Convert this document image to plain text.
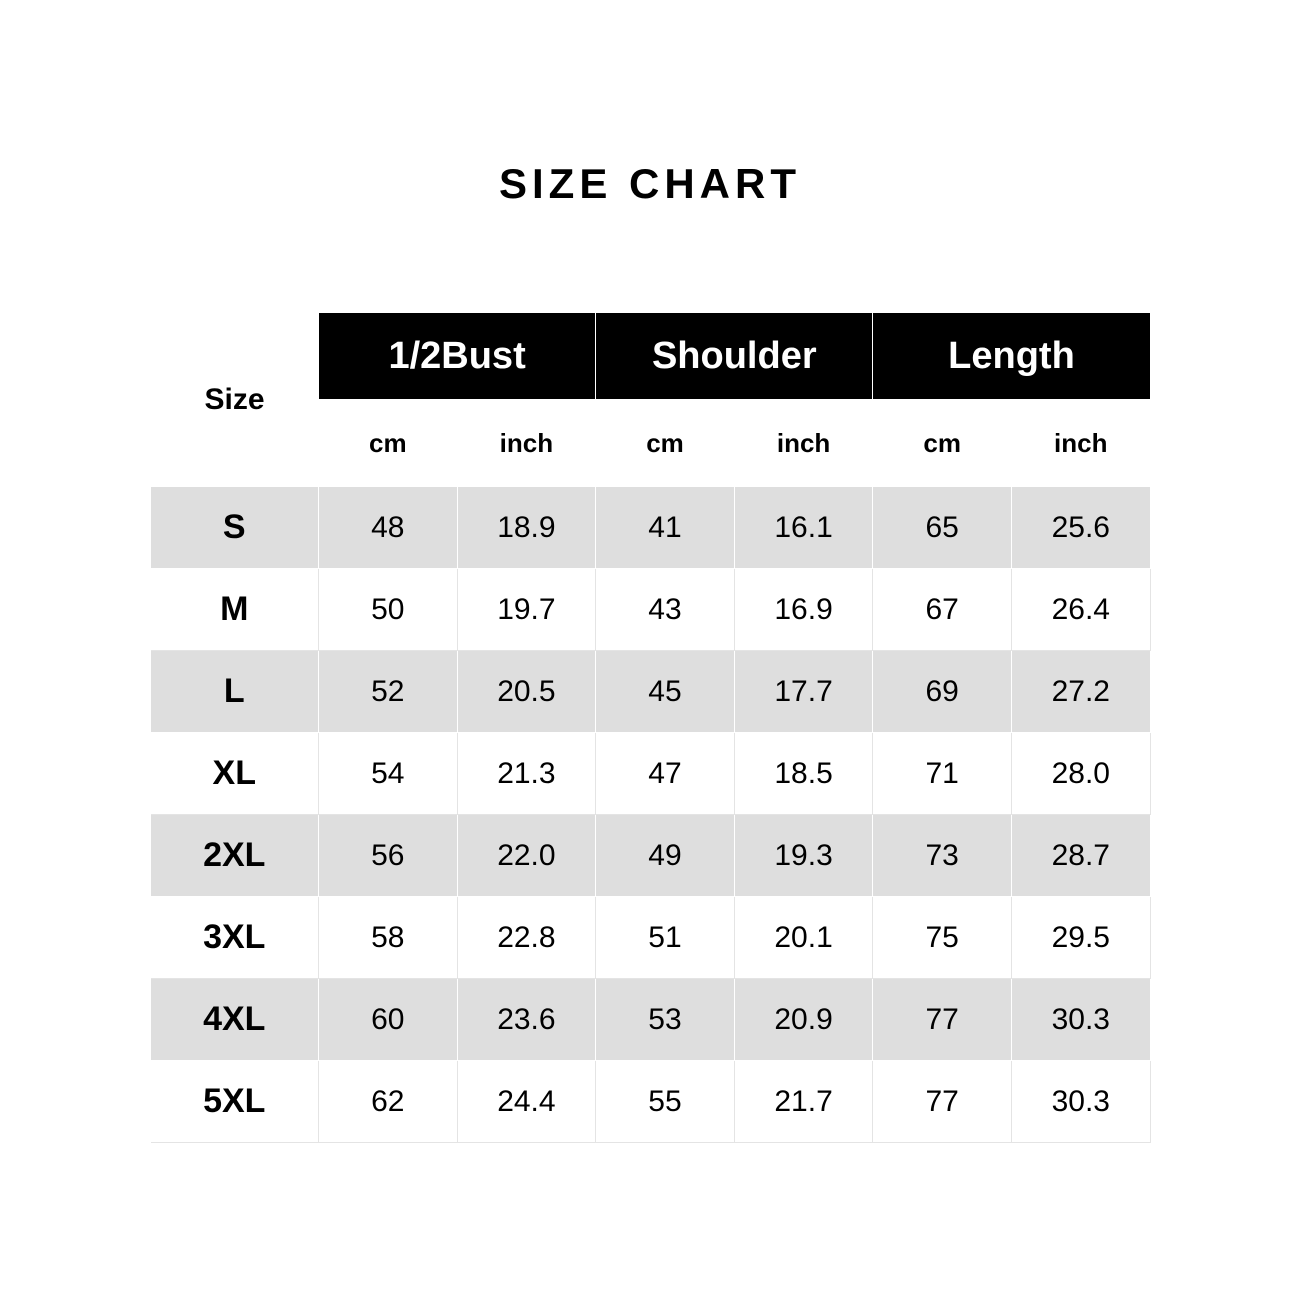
SIZE CHART
Size	1/2Bust		Shoulder		Length	
	cm	inch	cm	inch	cm	inch
S	48	18.9	41	16.1	65	25.6
M	50	19.7	43	16.9	67	26.4
L	52	20.5	45	17.7	69	27.2
XL	54	21.3	47	18.5	71	28.0
2XL	56	22.0	49	19.3	73	28.7
3XL	58	22.8	51	20.1	75	29.5
4XL	60	23.6	53	20.9	77	30.3
5XL	62	24.4	55	21.7	77	30.3
